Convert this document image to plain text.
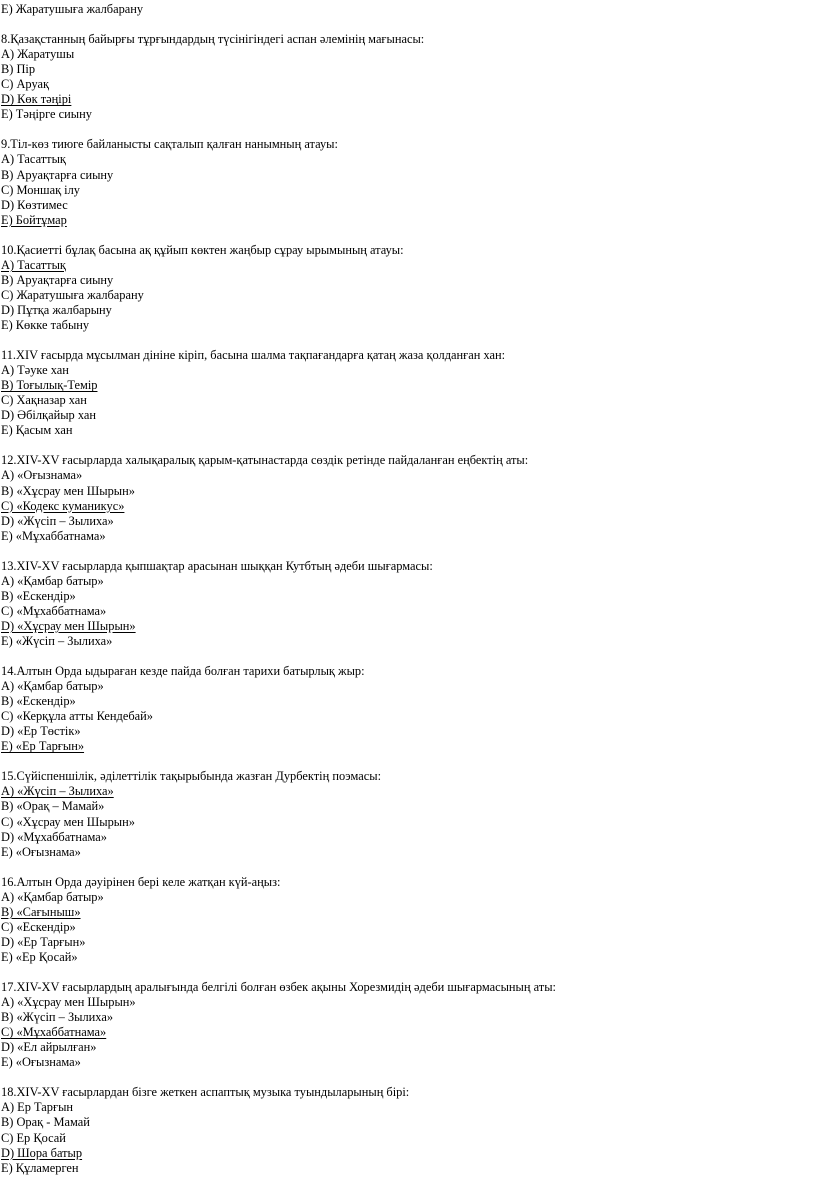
E) Жаратушыға жалбарану
8.Қазақстанның байырғы тұрғындардың түсінігіндегі аспан әлемінің мағынасы:
A) Жаратушы
B) Пір
C) Аруақ
D) Көк тәңірі
E) Тәңірге сиыну
9.Тіл-көз тиюге байланысты сақталып қалған нанымның атауы:
A) Тасаттық
B) Аруақтарға сиыну
C) Моншақ ілу
D) Көзтимес
E) Бойтұмар
10.Қасиетті бұлақ басына ақ құйып көктен жаңбыр сұрау ырымының атауы:
A) Тасаттық
B) Аруақтарға сиыну
C) Жаратушыға жалбарану
D) Пұтқа жалбарыну
E) Көкке табыну
11.XIV ғасырда мұсылман дініне кіріп, басына шалма тақпағандарға қатаң жаза қолданған хан:
A) Тәуке хан
B) Тоғылық-Темір
C) Хақназар хан
D) Әбілқайыр хан
E) Қасым хан
12.XIV-XV ғасырларда халықаралық қарым-қатынастарда сөздік ретінде пайдаланған еңбектің аты:
A) «Оғызнама»
B) «Хұсрау мен Шырын»
C) «Кодекс куманикус»
D) «Жүсіп – Зылиха»
E) «Мұхаббатнама»
13.XIV-XV ғасырларда қыпшақтар арасынан шыққан Кутбтың әдеби шығармасы:
A) «Қамбар батыр»
B) «Ескендір»
C) «Мұхаббатнама»
D) «Хұсрау мен Шырын»
E) «Жүсіп – Зылиха»
14.Алтын Орда ыдыраған кезде пайда болған тарихи батырлық жыр:
A) «Қамбар батыр»
B) «Ескендір»
C) «Керқұла атты Кендебай»
D) «Ер Төстік»
E) «Ер Тарғын»
15.Сүйіспеншілік, әділеттілік тақырыбында жазған Дурбектің поэмасы:
A) «Жүсіп – Зылиха»
B) «Орақ – Мамай»
C) «Хұсрау мен Шырын»
D) «Мұхаббатнама»
E) «Оғызнама»
16.Алтын Орда дәуірінен бері келе жатқан күй-аңыз:
A) «Қамбар батыр»
B) «Сағыныш»
C) «Ескендір»
D) «Ер Тарғын»
E) «Ер Қосай»
17.XIV-XV ғасырлардың аралығында белгілі болған өзбек ақыны Хорезмидің әдеби шығармасының аты:
A) «Хұсрау мен Шырын»
B) «Жүсіп – Зылиха»
C) «Мұхаббатнама»
D) «Ел айрылған»
E) «Оғызнама»
18.XIV-XV ғасырлардан бізге жеткен аспаптық музыка туындыларының бірі:
A) Ер Тарғын
B) Орақ - Мамай
C) Ер Қосай
D) Шора батыр
E) Құламерген
